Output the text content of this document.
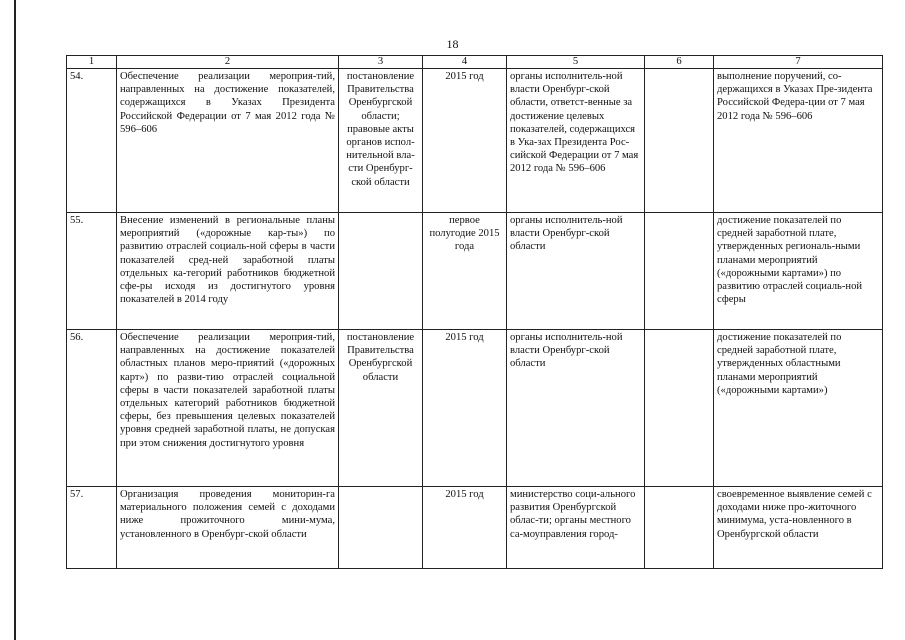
18
1	2	3	4	5	6	7
54.	Обеспечение реализации мероприя-тий, направленных на достижение показателей, содержащихся в Указах Президента Российской Федерации от 7 мая 2012 года № 596–606	постановление Правительства Оренбургской области; правовые акты органов испол-нительной вла-сти Оренбург-ской области	2015 год	органы исполнитель-ной власти Оренбург-ской области, ответст-венные за достижение целевых показателей, содержащихся в Ука-зах Президента Рос-сийской Федерации от 7 мая 2012 года № 596–606		выполнение поручений, со-держащихся в Указах Пре-зидента Российской Федера-ции от 7 мая 2012 года № 596–606
55.	Внесение изменений в региональные планы мероприятий («дорожные кар-ты») по развитию отраслей социаль-ной сферы в части показателей сред-ней заработной платы отдельных ка-тегорий работников бюджетной сфе-ры исходя из достигнутого уровня показателей в 2014 году		первое полугодие 2015 года	органы исполнитель-ной власти Оренбург-ской области		достижение показателей по средней заработной плате, утвержденных региональ-ными планами мероприятий («дорожными картами») по развитию отраслей социаль-ной сферы
56.	Обеспечение реализации мероприя-тий, направленных на достижение показателей областных планов меро-приятий («дорожных карт») по разви-тию отраслей социальной сферы в части показателей заработной платы отдельных категорий работников бюджетной сферы, без превышения целевых показателей уровня средней заработной платы, не допуская при этом снижения достигнутого уровня	постановление Правительства Оренбургской области	2015 год	органы исполнитель-ной власти Оренбург-ской области		достижение показателей по средней заработной плате, утвержденных областными планами мероприятий («дорожными картами»)
57.	Организация проведения мониторин-га материального положения семей с доходами ниже прожиточного мини-мума, установленного в Оренбург-ской области		2015 год	министерство соци-ального развития Оренбургской облас-ти; органы местного са-моуправления город-		своевременное выявление семей с доходами ниже про-житочного минимума, уста-новленного в Оренбургской области
